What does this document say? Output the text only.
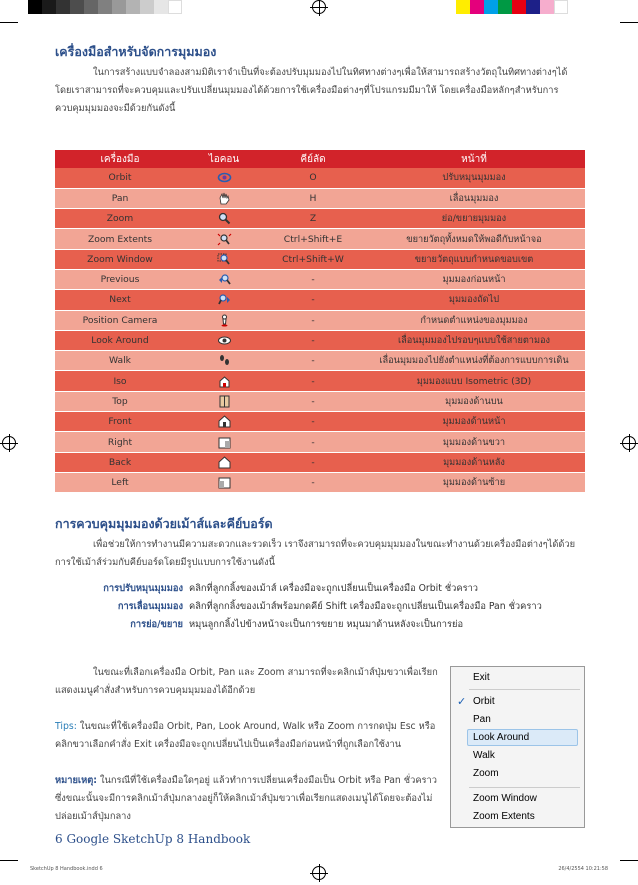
เครื่องมือสำหรับจัดการมุมมอง

ในการสร้างแบบจำลองสามมิติเราจำเป็นที่จะต้องปรับมุมมองไปในทิศทางต่างๆเพื่อให้สามารถสร้างวัตถุในทิศทางต่างๆได้ โดยเราสามารถที่จะควบคุมและปรับเปลี่ยนมุมมองได้ด้วยการใช้เครื่องมือต่างๆที่โปรแกรมมีมาให้ โดยเครื่องมือหลักๆสำหรับการควบคุมมุมมองจะมีด้วยกันดังนี้

เครื่องมือ	ไอคอน	คีย์ลัด	หน้าที่
Orbit		O	ปรับหมุนมุมมอง
Pan		H	เลื่อนมุมมอง
Zoom		Z	ย่อ/ขยายมุมมอง
Zoom Extents		Ctrl+Shift+E	ขยายวัตถุทั้งหมดให้พอดีกับหน้าจอ
Zoom Window		Ctrl+Shift+W	ขยายวัตถุแบบกำหนดขอบเขต
Previous		-	มุมมองก่อนหน้า
Next		-	มุมมองถัดไป
Position Camera		-	กำหนดตำแหน่งของมุมมอง
Look Around		-	เลื่อนมุมมองไปรอบๆแบบใช้สายตามอง
Walk		-	เลื่อนมุมมองไปยังตำแหน่งที่ต้องการแบบการเดิน
Iso		-	มุมมองแบบ Isometric (3D)
Top		-	มุมมองด้านบน
Front		-	มุมมองด้านหน้า
Right		-	มุมมองด้านขวา
Back		-	มุมมองด้านหลัง
Left		-	มุมมองด้านซ้าย
การควบคุมมุมมองด้วยเม้าส์และคีย์บอร์ด

เพื่อช่วยให้การทำงานมีความสะดวกและรวดเร็ว เราจึงสามารถที่จะควบคุมมุมมองในขณะทำงานด้วยเครื่องมือต่างๆได้ด้วยการใช้เม้าส์ร่วมกับคีย์บอร์ดโดยมีรูปแบบการใช้งานดังนี้

การปรับหมุนมุมมอง คลิกที่ลูกกลิ้งของเม้าส์ เครื่องมือจะถูกเปลี่ยนเป็นเครื่องมือ Orbit ชั่วคราว
การเลื่อนมุมมอง คลิกที่ลูกกลิ้งของเม้าส์พร้อมกดคีย์ Shift เครื่องมือจะถูกเปลี่ยนเป็นเครื่องมือ Pan ชั่วคราว
การย่อ/ขยาย หมุนลูกกลิ้งไปข้างหน้าจะเป็นการขยาย หมุนมาด้านหลังจะเป็นการย่อ

ในขณะที่เลือกเครื่องมือ Orbit, Pan และ Zoom สามารถที่จะคลิกเม้าส์ปุ่มขวาเพื่อเรียกแสดงเมนูคำสั่งสำหรับการควบคุมมุมมองได้อีกด้วย

Tips: ในขณะที่ใช้เครื่องมือ Orbit, Pan, Look Around, Walk หรือ Zoom การกดปุ่ม Esc หรือคลิกขวาเลือกคำสั่ง Exit เครื่องมือจะถูกเปลี่ยนไปเป็นเครื่องมือก่อนหน้าที่ถูกเลือกใช้งาน

หมายเหตุ: ในกรณีที่ใช้เครื่องมือใดๆอยู่ แล้วทำการเปลี่ยนเครื่องมือเป็น Orbit หรือ Pan ชั่วคราว ซึ่งขณะนั้นจะมีการคลิกเม้าส์ปุ่มกลางอยู่ก็ให้คลิกเม้าส์ปุ่มขวาเพื่อเรียกแสดงเมนูได้โดยจะต้องไม่ปล่อยเม้าส์ปุ่มกลาง

Exit
✓ Orbit
Pan
Look Around
Walk
Zoom
Zoom Window
Zoom Extents
6 Google SketchUp 8 Handbook
SketchUp 8 Handbook.indd 6	26/4/2554 10:21:58
